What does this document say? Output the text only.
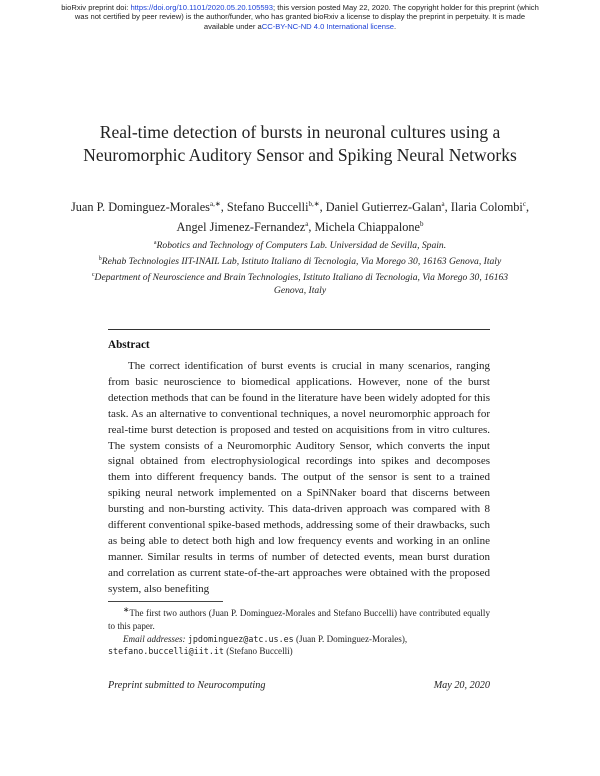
bioRxiv preprint doi: https://doi.org/10.1101/2020.05.20.105593; this version posted May 22, 2020. The copyright holder for this preprint (which
was not certified by peer review) is the author/funder, who has granted bioRxiv a license to display the preprint in perpetuity. It is made
available under aCC-BY-NC-ND 4.0 International license.
Real-time detection of bursts in neuronal cultures using a Neuromorphic Auditory Sensor and Spiking Neural Networks
Juan P. Dominguez-Morales$^{a,∗}$, Stefano Buccelli$^{b,∗}$, Daniel Gutierrez-Galan$^a$, Ilaria Colombi$^c$, Angel Jimenez-Fernandez$^a$, Michela Chiappalone$^b$
$^a$Robotics and Technology of Computers Lab. Universidad de Sevilla, Spain.
$^b$Rehab Technologies IIT-INAIL Lab, Istituto Italiano di Tecnologia, Via Morego 30, 16163 Genova, Italy
$^c$Department of Neuroscience and Brain Technologies, Istituto Italiano di Tecnologia, Via Morego 30, 16163 Genova, Italy
Abstract
The correct identification of burst events is crucial in many scenarios, ranging from basic neuroscience to biomedical applications. However, none of the burst detection methods that can be found in the literature have been widely adopted for this task. As an alternative to conventional techniques, a novel neuromorphic approach for real-time burst detection is proposed and tested on acquisitions from in vitro cultures. The system consists of a Neuromorphic Auditory Sensor, which converts the input signal obtained from electrophysiological recordings into spikes and decomposes them into different frequency bands. The output of the sensor is sent to a trained spiking neural network implemented on a SpiNNaker board that discerns between bursting and non-bursting activity. This data-driven approach was compared with 8 different conventional spike-based methods, addressing some of their drawbacks, such as being able to detect both high and low frequency events and working in an online manner. Similar results in terms of number of detected events, mean burst duration and correlation as current state-of-the-art approaches were obtained with the proposed system, also benefiting

∗The first two authors (Juan P. Dominguez-Morales and Stefano Buccelli) have contributed equally to this paper.

Email addresses: jpdominguez@atc.us.es (Juan P. Dominguez-Morales),
stefano.buccelli@iit.it (Stefano Buccelli)

Preprint submitted to Neurocomputing	May 20, 2020
